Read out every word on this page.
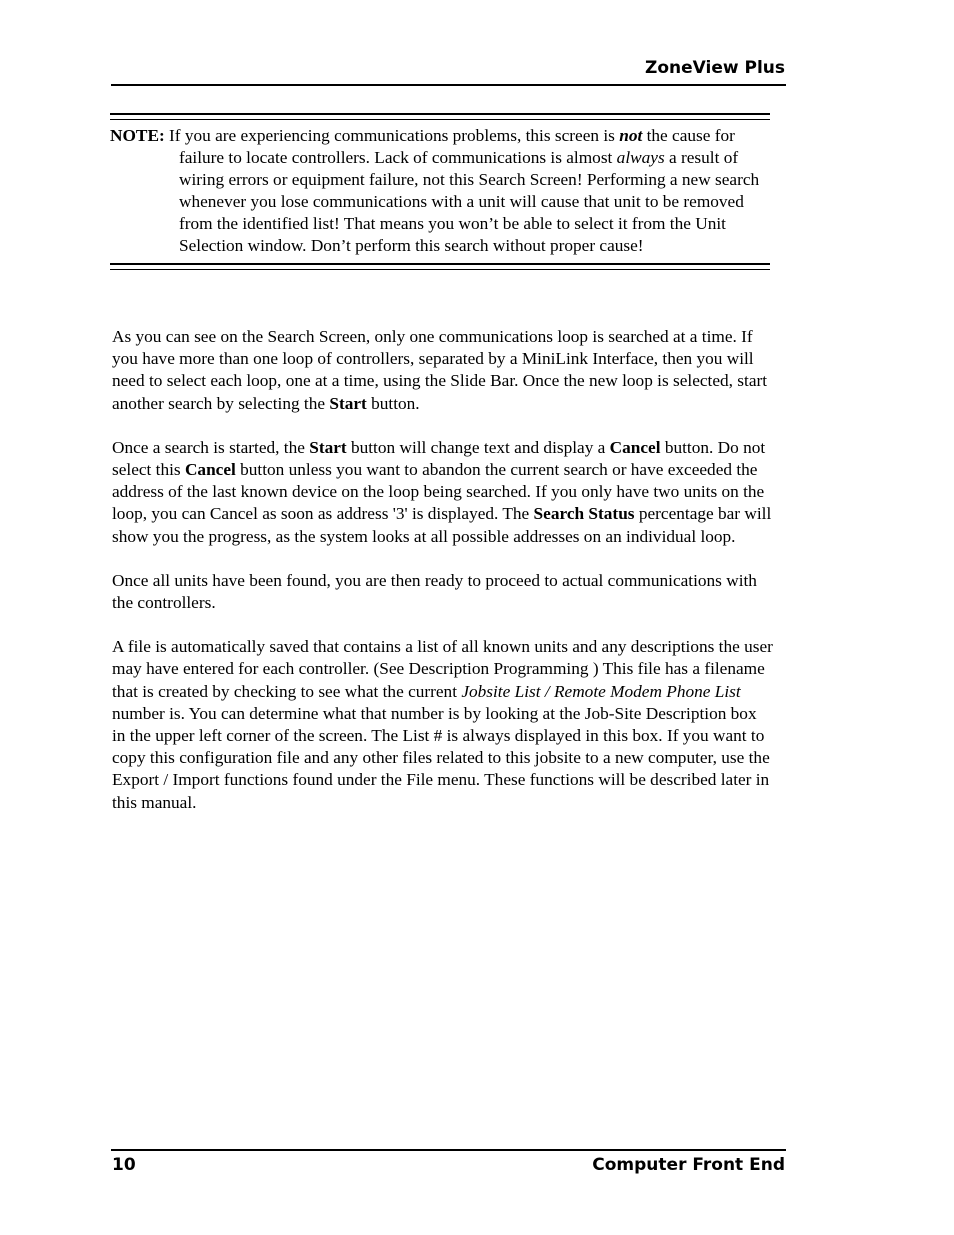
ZoneView Plus
NOTE: If you are experiencing communications problems, this screen is not the cause for failure to locate controllers. Lack of communications is almost always a result of wiring errors or equipment failure, not this Search Screen! Performing a new search whenever you lose communications with a unit will cause that unit to be removed from the identified list! That means you won’t be able to select it from the Unit Selection window. Don’t perform this search without proper cause!

As you can see on the Search Screen, only one communications loop is searched at a time. If you have more than one loop of controllers, separated by a MiniLink Interface, then you will need to select each loop, one at a time, using the Slide Bar. Once the new loop is selected, start another search by selecting the Start button.

Once a search is started, the Start button will change text and display a Cancel button. Do not select this Cancel button unless you want to abandon the current search or have exceeded the address of the last known device on the loop being searched. If you only have two units on the loop, you can Cancel as soon as address '3' is displayed. The Search Status percentage bar will show you the progress, as the system looks at all possible addresses on an individual loop.

Once all units have been found, you are then ready to proceed to actual communications with the controllers.

A file is automatically saved that contains a list of all known units and any descriptions the user may have entered for each controller. (See Description Programming ) This file has a filename that is created by checking to see what the current Jobsite List / Remote Modem Phone List number is. You can determine what that number is by looking at the Job-Site Description box in the upper left corner of the screen. The List # is always displayed in this box. If you want to copy this configuration file and any other files related to this jobsite to a new computer, use the Export / Import functions found under the File menu. These functions will be described later in this manual.

10	Computer Front End
